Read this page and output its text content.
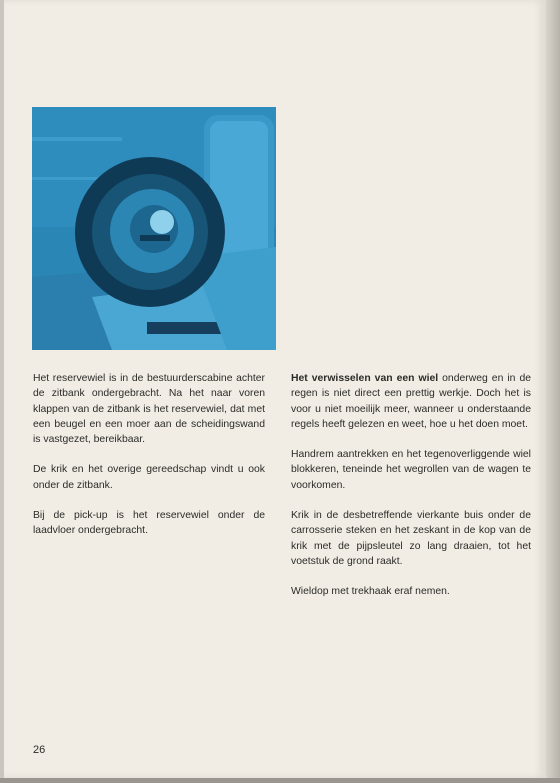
Het reservewiel is in de bestuurderscabine achter de zitbank ondergebracht. Na het naar voren klappen van de zitbank is het reservewiel, dat met een beugel en een moer aan de scheidingswand is vastgezet, bereikbaar.

De krik en het overige gereedschap vindt u ook onder de zitbank.

Bij de pick-up is het reservewiel onder de laadvloer ondergebracht.

Het verwisselen van een wiel onderweg en in de regen is niet direct een prettig werkje. Doch het is voor u niet moeilijk meer, wanneer u onderstaande regels heeft gelezen en weet, hoe u het doen moet.

Handrem aantrekken en het tegenoverliggende wiel blokkeren, teneinde het wegrollen van de wagen te voorkomen.

Krik in de desbetreffende vierkante buis onder de carrosserie steken en het zeskant in de kop van de krik met de pijpsleutel zo lang draaien, tot het voetstuk de grond raakt.

Wieldop met trekhaak eraf nemen.

26
